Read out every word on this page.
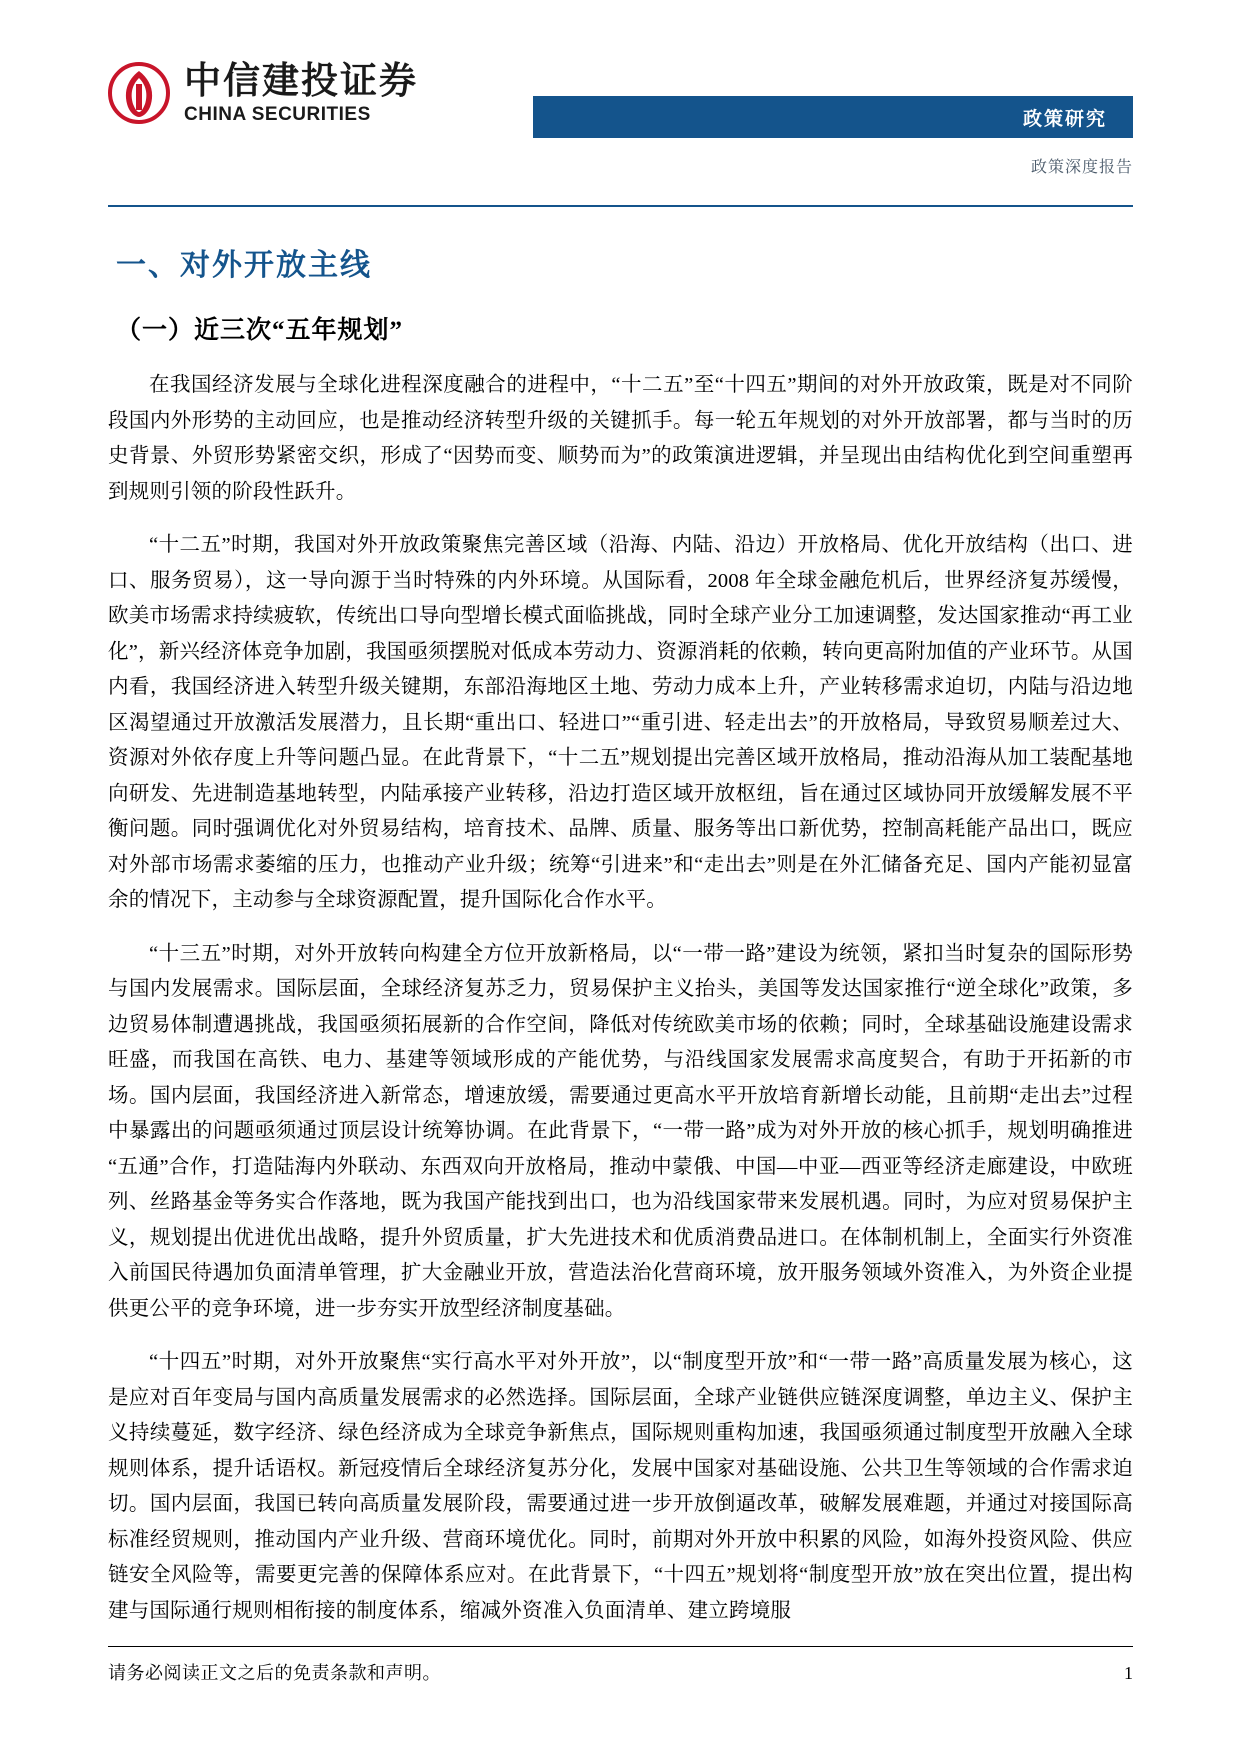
中信建投证券
CHINA SECURITIES	政策研究
政策深度报告
一、对外开放主线
（一）近三次“五年规划”

在我国经济发展与全球化进程深度融合的进程中，“十二五”至“十四五”期间的对外开放政策，既是对不同阶段国内外形势的主动回应，也是推动经济转型升级的关键抓手。每一轮五年规划的对外开放部署，都与当时的历史背景、外贸形势紧密交织，形成了“因势而变、顺势而为”的政策演进逻辑，并呈现出由结构优化到空间重塑再到规则引领的阶段性跃升。

“十二五”时期，我国对外开放政策聚焦完善区域（沿海、内陆、沿边）开放格局、优化开放结构（出口、进口、服务贸易），这一导向源于当时特殊的内外环境。从国际看，2008 年全球金融危机后，世界经济复苏缓慢，欧美市场需求持续疲软，传统出口导向型增长模式面临挑战，同时全球产业分工加速调整，发达国家推动“再工业化”，新兴经济体竞争加剧，我国亟须摆脱对低成本劳动力、资源消耗的依赖，转向更高附加值的产业环节。从国内看，我国经济进入转型升级关键期，东部沿海地区土地、劳动力成本上升，产业转移需求迫切，内陆与沿边地区渴望通过开放激活发展潜力，且长期“重出口、轻进口”“重引进、轻走出去”的开放格局，导致贸易顺差过大、资源对外依存度上升等问题凸显。在此背景下，“十二五”规划提出完善区域开放格局，推动沿海从加工装配基地向研发、先进制造基地转型，内陆承接产业转移，沿边打造区域开放枢纽，旨在通过区域协同开放缓解发展不平衡问题。同时强调优化对外贸易结构，培育技术、品牌、质量、服务等出口新优势，控制高耗能产品出口，既应对外部市场需求萎缩的压力，也推动产业升级；统筹“引进来”和“走出去”则是在外汇储备充足、国内产能初显富余的情况下，主动参与全球资源配置，提升国际化合作水平。

“十三五”时期，对外开放转向构建全方位开放新格局，以“一带一路”建设为统领，紧扣当时复杂的国际形势与国内发展需求。国际层面，全球经济复苏乏力，贸易保护主义抬头，美国等发达国家推行“逆全球化”政策，多边贸易体制遭遇挑战，我国亟须拓展新的合作空间，降低对传统欧美市场的依赖；同时，全球基础设施建设需求旺盛，而我国在高铁、电力、基建等领域形成的产能优势，与沿线国家发展需求高度契合，有助于开拓新的市场。国内层面，我国经济进入新常态，增速放缓，需要通过更高水平开放培育新增长动能，且前期“走出去”过程中暴露出的问题亟须通过顶层设计统筹协调。在此背景下，“一带一路”成为对外开放的核心抓手，规划明确推进“五通”合作，打造陆海内外联动、东西双向开放格局，推动中蒙俄、中国—中亚—西亚等经济走廊建设，中欧班列、丝路基金等务实合作落地，既为我国产能找到出口，也为沿线国家带来发展机遇。同时，为应对贸易保护主义，规划提出优进优出战略，提升外贸质量，扩大先进技术和优质消费品进口。在体制机制上，全面实行外资准入前国民待遇加负面清单管理，扩大金融业开放，营造法治化营商环境，放开服务领域外资准入，为外资企业提供更公平的竞争环境，进一步夯实开放型经济制度基础。

“十四五”时期，对外开放聚焦“实行高水平对外开放”，以“制度型开放”和“一带一路”高质量发展为核心，这是应对百年变局与国内高质量发展需求的必然选择。国际层面，全球产业链供应链深度调整，单边主义、保护主义持续蔓延，数字经济、绿色经济成为全球竞争新焦点，国际规则重构加速，我国亟须通过制度型开放融入全球规则体系，提升话语权。新冠疫情后全球经济复苏分化，发展中国家对基础设施、公共卫生等领域的合作需求迫切。国内层面，我国已转向高质量发展阶段，需要通过进一步开放倒逼改革，破解发展难题，并通过对接国际高标准经贸规则，推动国内产业升级、营商环境优化。同时，前期对外开放中积累的风险，如海外投资风险、供应链安全风险等，需要更完善的保障体系应对。在此背景下，“十四五”规划将“制度型开放”放在突出位置，提出构建与国际通行规则相衔接的制度体系，缩减外资准入负面清单、建立跨境服

请务必阅读正文之后的免责条款和声明。	1
